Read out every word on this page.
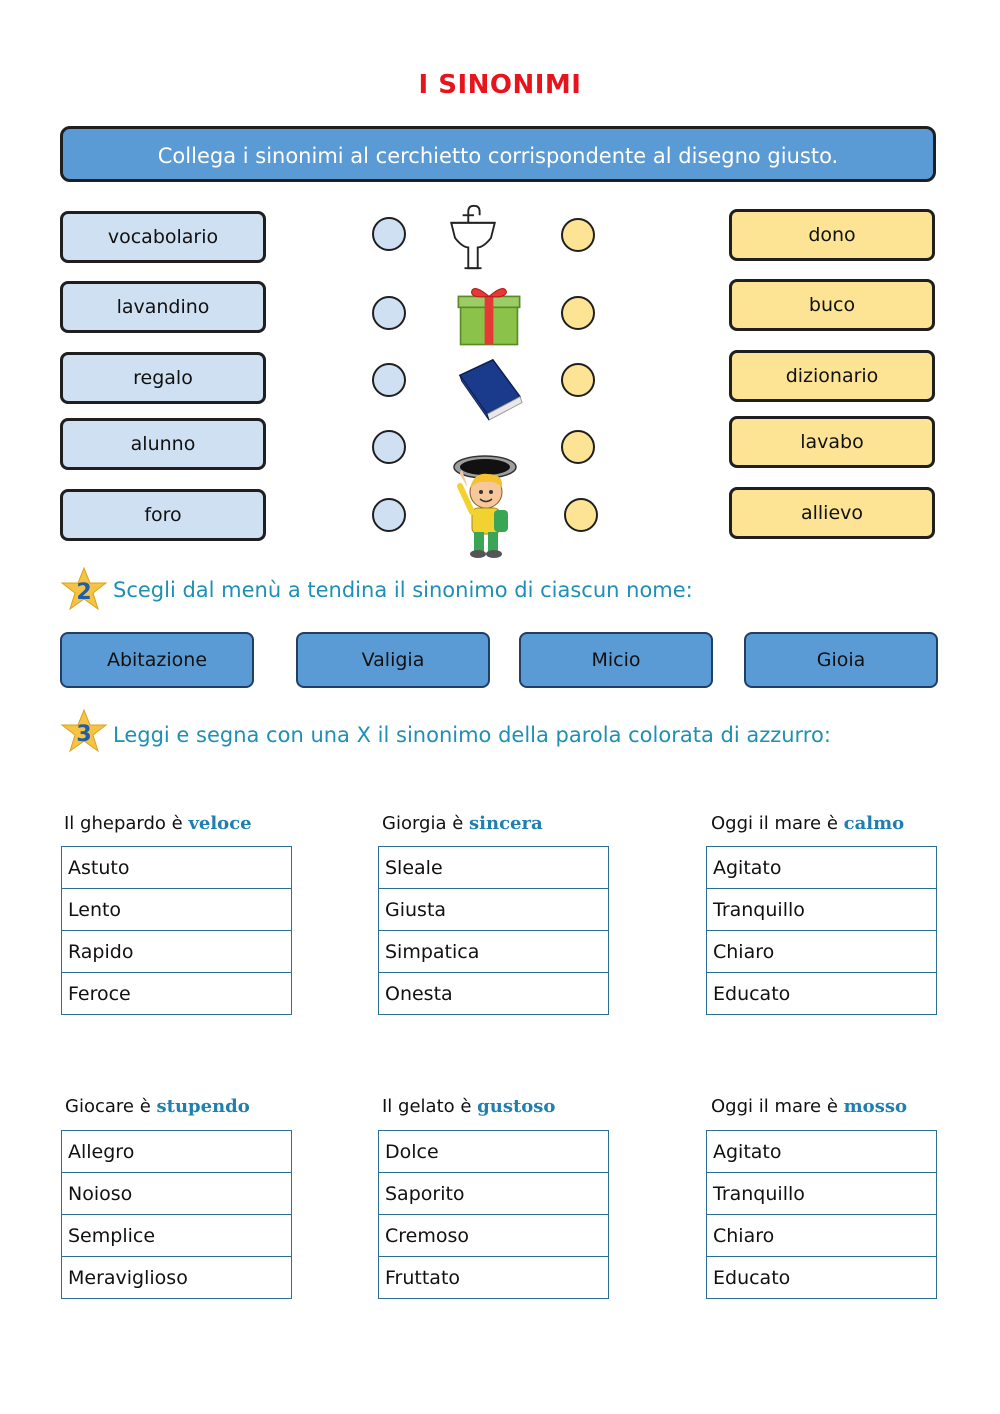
I SINONIMI
Collega i sinonimi al cerchietto corrispondente al disegno giusto.
vocabolario
lavandino
regalo
alunno
foro
dono
buco
dizionario
lavabo
allievo
2 Scegli dal menù a tendina il sinonimo di ciascun nome:
Abitazione	Valigia	Micio	Gioia
3 Leggi e segna con una X il sinonimo della parola colorata di azzurro:
Il ghepardo è veloce
Astuto
Lento
Rapido
Feroce
Giorgia è sincera
Sleale
Giusta
Simpatica
Onesta
Oggi il mare è calmo
Agitato
Tranquillo
Chiaro
Educato
Giocare è stupendo
Allegro
Noioso
Semplice
Meraviglioso
Il gelato è gustoso
Dolce
Saporito
Cremoso
Fruttato
Oggi il mare è mosso
Agitato
Tranquillo
Chiaro
Educato
